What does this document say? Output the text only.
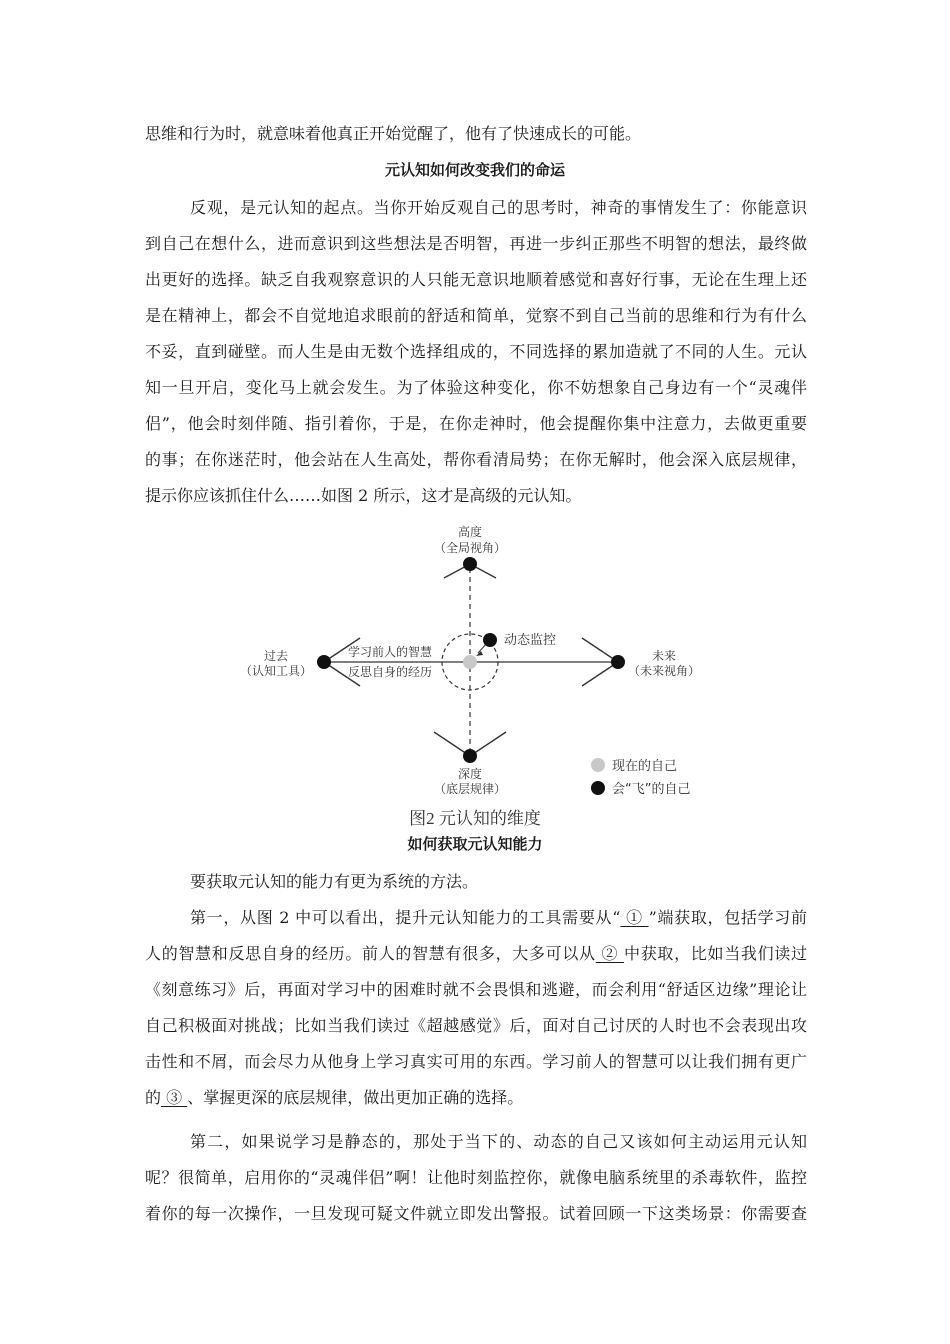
思维和行为时，就意味着他真正开始觉醒了，他有了快速成长的可能。
元认知如何改变我们的命运
反观，是元认知的起点。当你开始反观自己的思考时，神奇的事情发生了：你能意识
到自己在想什么，进而意识到这些想法是否明智，再进一步纠正那些不明智的想法，最终做
出更好的选择。缺乏自我观察意识的人只能无意识地顺着感觉和喜好行事，无论在生理上还
是在精神上，都会不自觉地追求眼前的舒适和简单，觉察不到自己当前的思维和行为有什么
不妥，直到碰壁。而人生是由无数个选择组成的，不同选择的累加造就了不同的人生。元认
知一旦开启，变化马上就会发生。为了体验这种变化，你不妨想象自己身边有一个“灵魂伴
侣”，他会时刻伴随、指引着你，于是，在你走神时，他会提醒你集中注意力，去做更重要
的事；在你迷茫时，他会站在人生高处，帮你看清局势；在你无解时，他会深入底层规律，
提示你应该抓住什么……如图 2 所示，这才是高级的元认知。
高度
（全局视角）
深度
（底层规律）
过去
（认知工具）
未来
（未来视角）
学习前人的智慧
反思自身的经历
动态监控
现在的自己
会“飞”的自己
图2 元认知的维度
如何获取元认知能力
要获取元认知的能力有更为系统的方法。
第一，从图 2 中可以看出，提升元认知能力的工具需要从“ ① ”端获取，包括学习前
人的智慧和反思自身的经历。前人的智慧有很多，大多可以从 ② 中获取，比如当我们读过
《刻意练习》后，再面对学习中的困难时就不会畏惧和逃避，而会利用“舒适区边缘”理论让
自己积极面对挑战；比如当我们读过《超越感觉》后，面对自己讨厌的人时也不会表现出攻
击性和不屑，而会尽力从他身上学习真实可用的东西。学习前人的智慧可以让我们拥有更广
的 ③ 、掌握更深的底层规律，做出更加正确的选择。
第二，如果说学习是静态的，那处于当下的、动态的自己又该如何主动运用元认知
呢？很简单，启用你的“灵魂伴侣”啊！让他时刻监控你，就像电脑系统里的杀毒软件，监控
着你的每一次操作，一旦发现可疑文件就立即发出警报。试着回顾一下这类场景：你需要查
